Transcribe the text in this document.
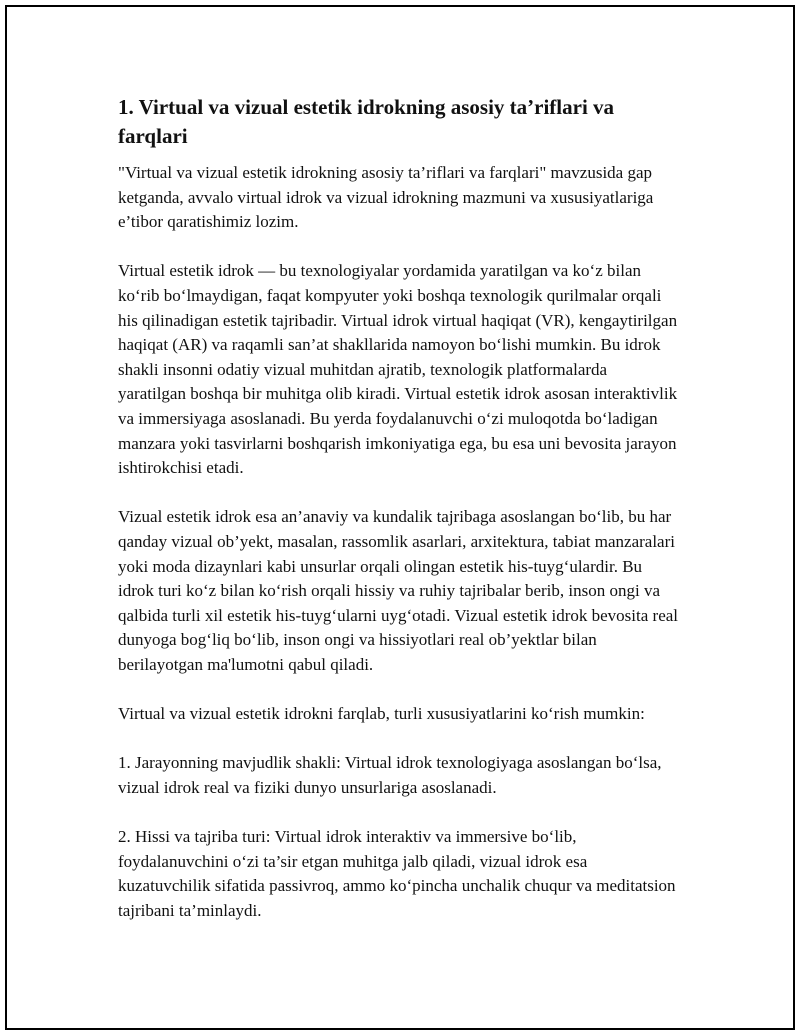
1. Virtual va vizual estetik idrokning asosiy ta’riflari va farqlari

"Virtual va vizual estetik idrokning asosiy ta’riflari va farqlari" mavzusida gap ketganda, avvalo virtual idrok va vizual idrokning mazmuni va xususiyatlariga e’tibor qaratishimiz lozim.

Virtual estetik idrok — bu texnologiyalar yordamida yaratilgan va ko‘z bilan ko‘rib bo‘lmaydigan, faqat kompyuter yoki boshqa texnologik qurilmalar orqali his qilinadigan estetik tajribadir. Virtual idrok virtual haqiqat (VR), kengaytirilgan haqiqat (AR) va raqamli san’at shakllarida namoyon bo‘lishi mumkin. Bu idrok shakli insonni odatiy vizual muhitdan ajratib, texnologik platformalarda yaratilgan boshqa bir muhitga olib kiradi. Virtual estetik idrok asosan interaktivlik va immersiyaga asoslanadi. Bu yerda foydalanuvchi o‘zi muloqotda bo‘ladigan manzara yoki tasvirlarni boshqarish imkoniyatiga ega, bu esa uni bevosita jarayon ishtirokchisi etadi.

Vizual estetik idrok esa an’anaviy va kundalik tajribaga asoslangan bo‘lib, bu har qanday vizual ob’yekt, masalan, rassomlik asarlari, arxitektura, tabiat manzaralari yoki moda dizaynlari kabi unsurlar orqali olingan estetik his-tuyg‘ulardir. Bu idrok turi ko‘z bilan ko‘rish orqali hissiy va ruhiy tajribalar berib, inson ongi va qalbida turli xil estetik his-tuyg‘ularni uyg‘otadi. Vizual estetik idrok bevosita real dunyoga bog‘liq bo‘lib, inson ongi va hissiyotlari real ob’yektlar bilan berilayotgan ma'lumotni qabul qiladi.

Virtual va vizual estetik idrokni farqlab, turli xususiyatlarini ko‘rish mumkin:

1. Jarayonning mavjudlik shakli: Virtual idrok texnologiyaga asoslangan bo‘lsa, vizual idrok real va fiziki dunyo unsurlariga asoslanadi.

2. Hissi va tajriba turi: Virtual idrok interaktiv va immersive bo‘lib, foydalanuvchini o‘zi ta’sir etgan muhitga jalb qiladi, vizual idrok esa kuzatuvchilik sifatida passivroq, ammo ko‘pincha unchalik chuqur va meditatsion tajribani ta’minlaydi.
